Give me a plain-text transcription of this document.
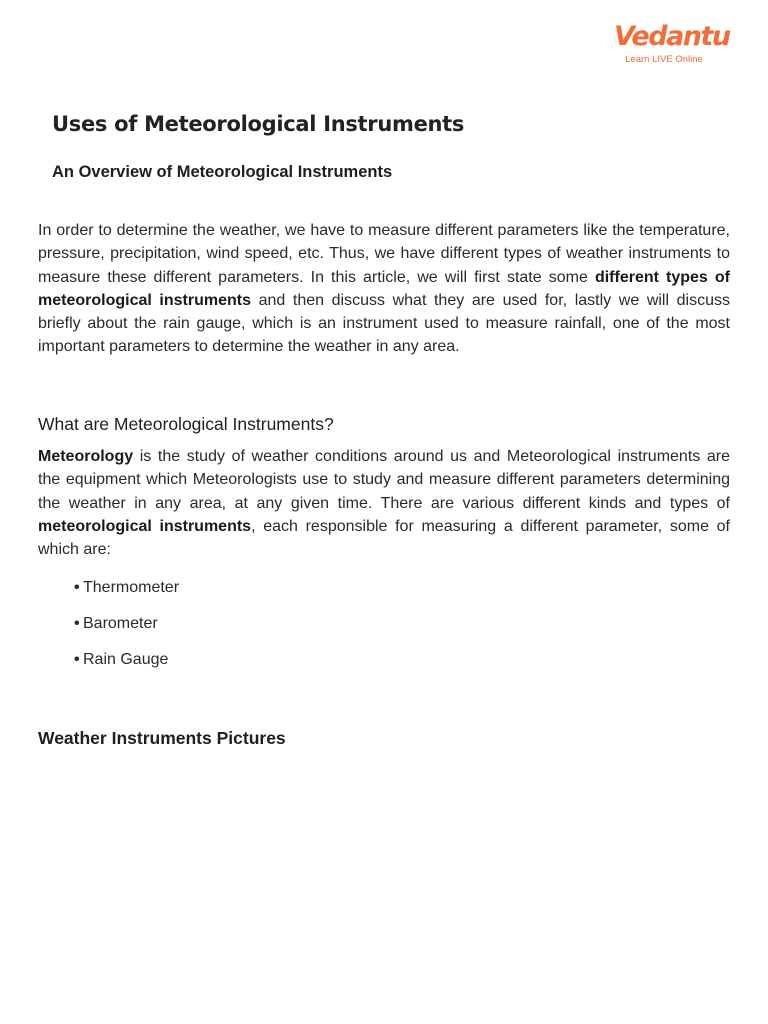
Vedantu
Learn LIVE Online
Uses of Meteorological Instruments
An Overview of Meteorological Instruments

In order to determine the weather, we have to measure different parameters like the temperature, pressure, precipitation, wind speed, etc. Thus, we have different types of weather instruments to measure these different parameters. In this article, we will first state some different types of meteorological instruments and then discuss what they are used for, lastly we will discuss briefly about the rain gauge, which is an instrument used to measure rainfall, one of the most important parameters to determine the weather in any area.

What are Meteorological Instruments?

Meteorology is the study of weather conditions around us and Meteorological instruments are the equipment which Meteorologists use to study and measure different parameters determining the weather in any area, at any given time. There are various different kinds and types of meteorological instruments, each responsible for measuring a different parameter, some of which are:

• Thermometer
• Barometer
• Rain Gauge
Weather Instruments Pictures
